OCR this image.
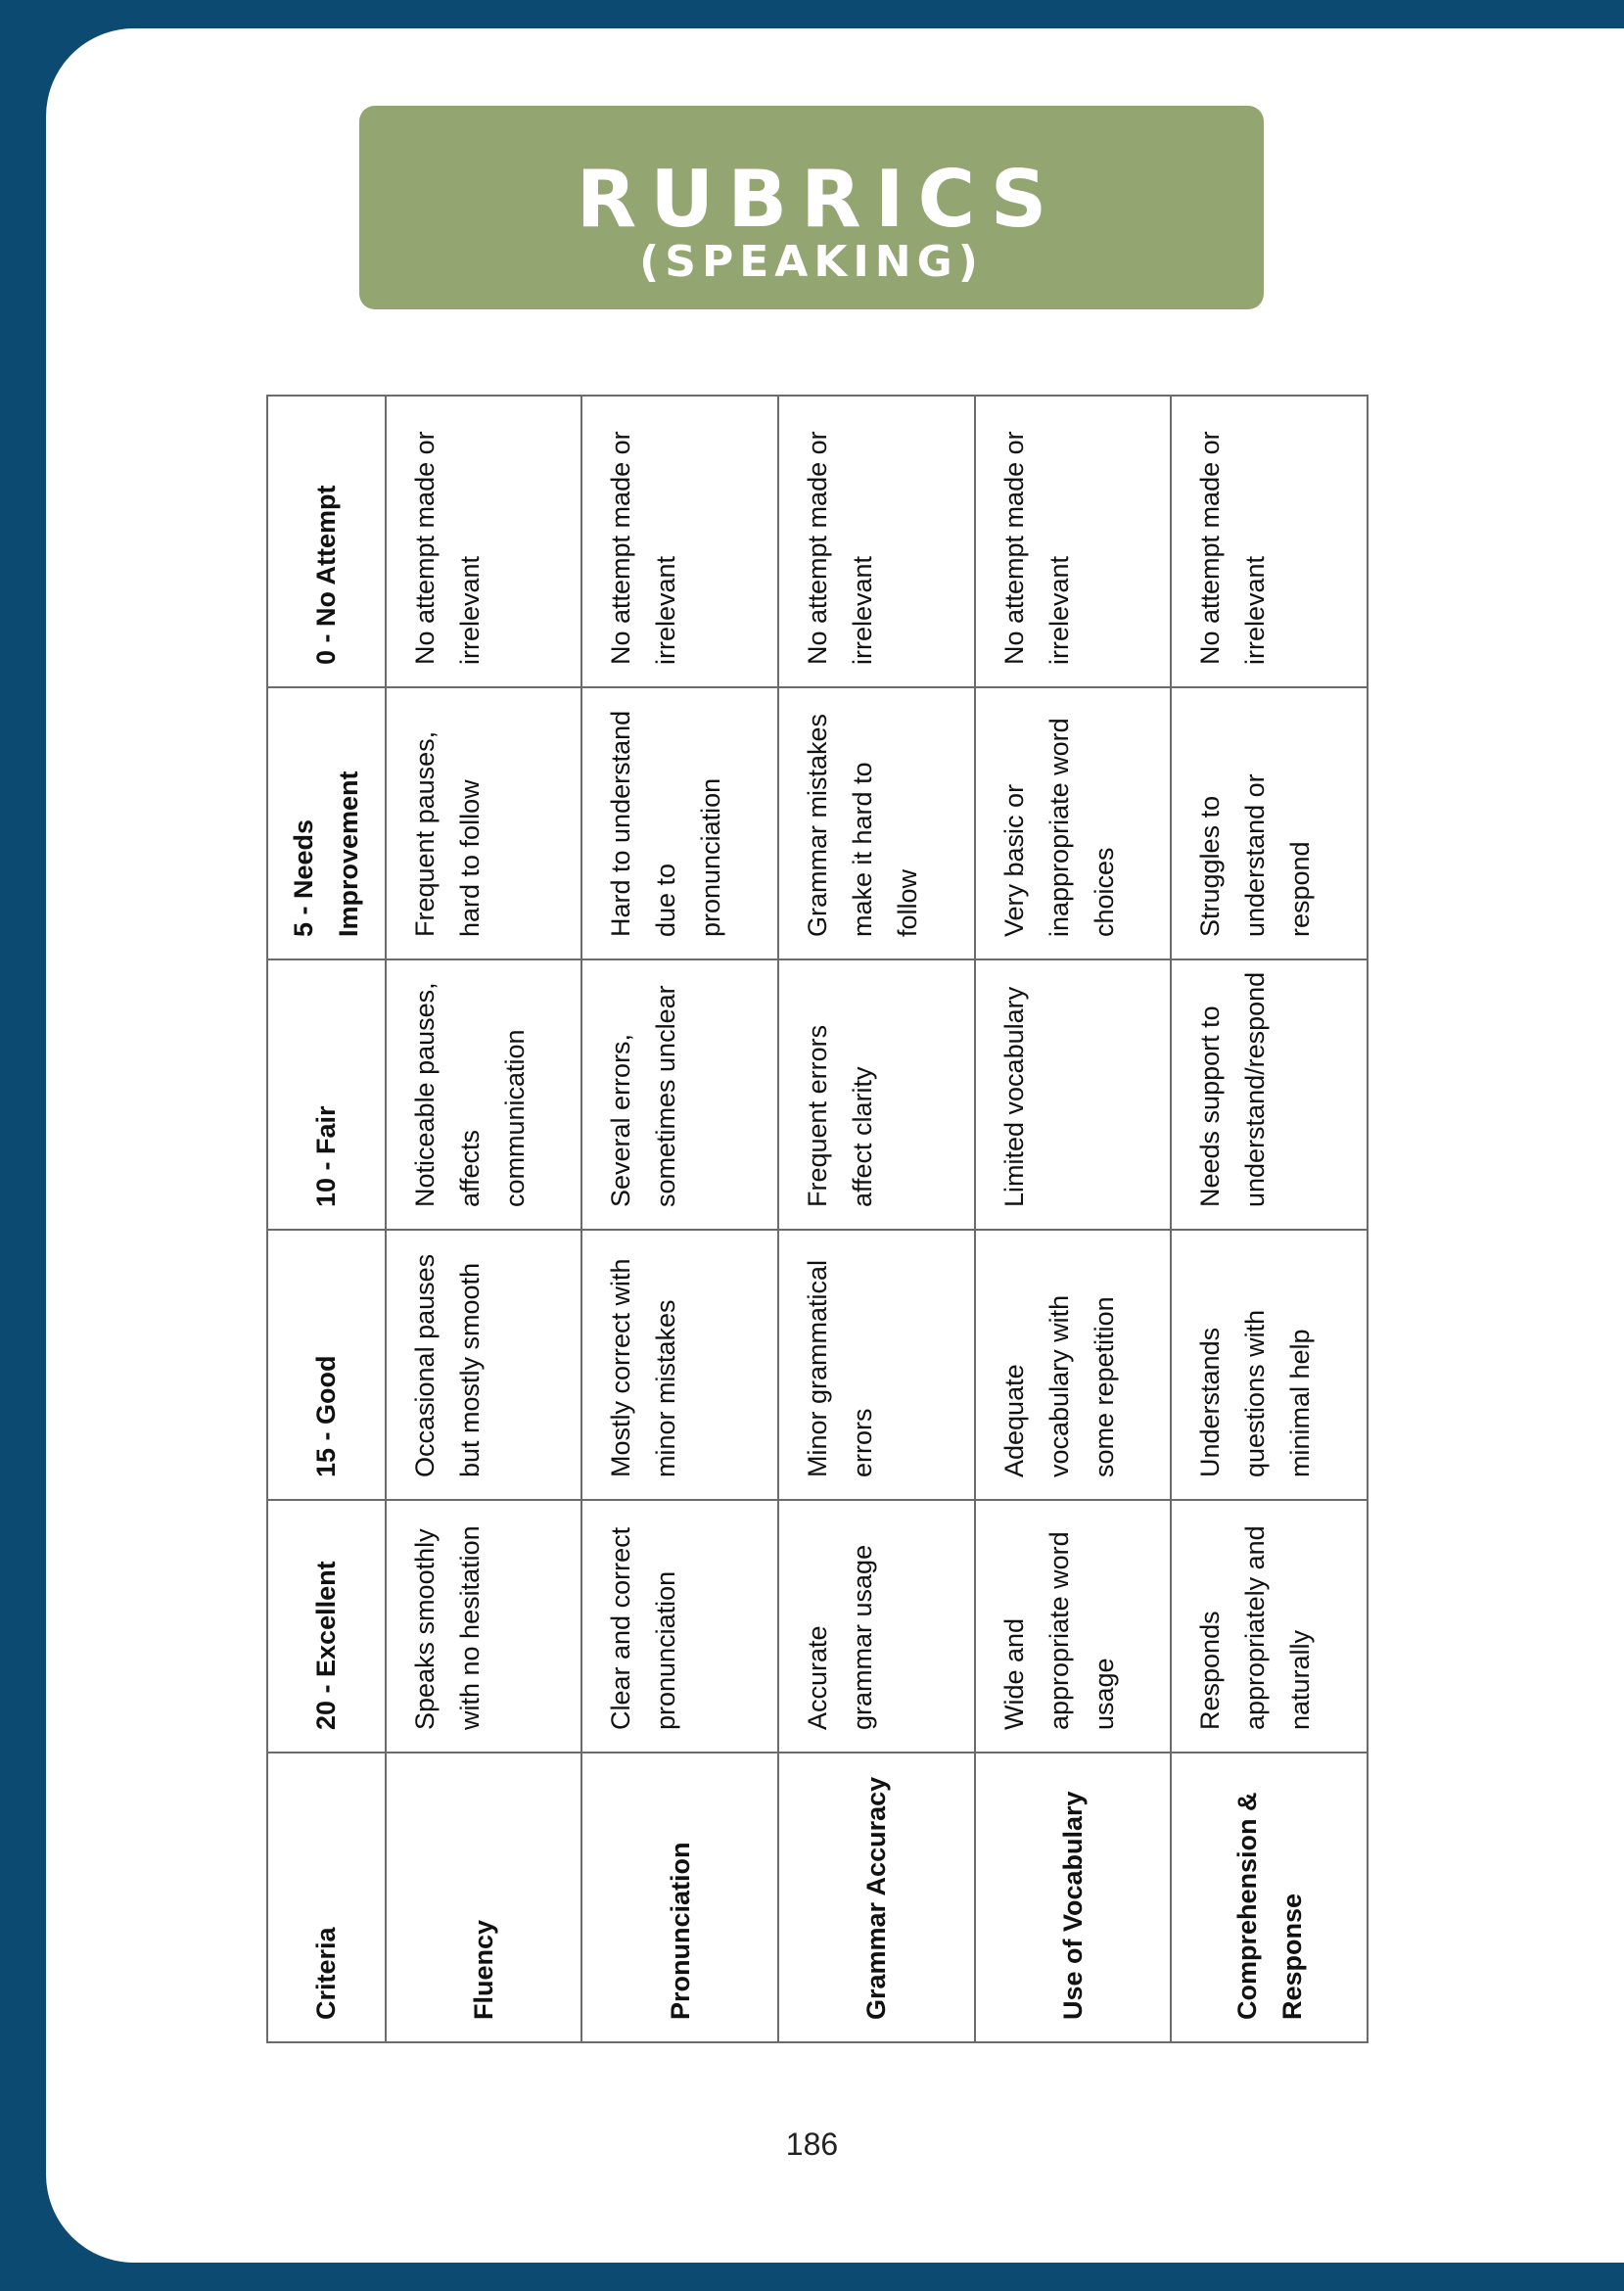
RUBRICS
(SPEAKING)
Criteria	20 - Excellent	15 - Good	10 - Fair	5 - Needs Improvement	0 - No Attempt
Fluency	Speaks smoothly with no hesitation	Occasional pauses but mostly smooth	Noticeable pauses, affects communication	Frequent pauses, hard to follow	No attempt made or irrelevant
Pronunciation	Clear and correct pronunciation	Mostly correct with minor mistakes	Several errors, sometimes unclear	Hard to understand due to pronunciation	No attempt made or irrelevant
Grammar Accuracy	Accurate grammar usage	Minor grammatical errors	Frequent errors affect clarity	Grammar mistakes make it hard to follow	No attempt made or irrelevant
Use of Vocabulary	Wide and appropriate word usage	Adequate vocabulary with some repetition	Limited vocabulary	Very basic or inappropriate word choices	No attempt made or irrelevant
Comprehension & Response	Responds appropriately and naturally	Understands questions with minimal help	Needs support to understand/respond	Struggles to understand or respond	No attempt made or irrelevant
186
